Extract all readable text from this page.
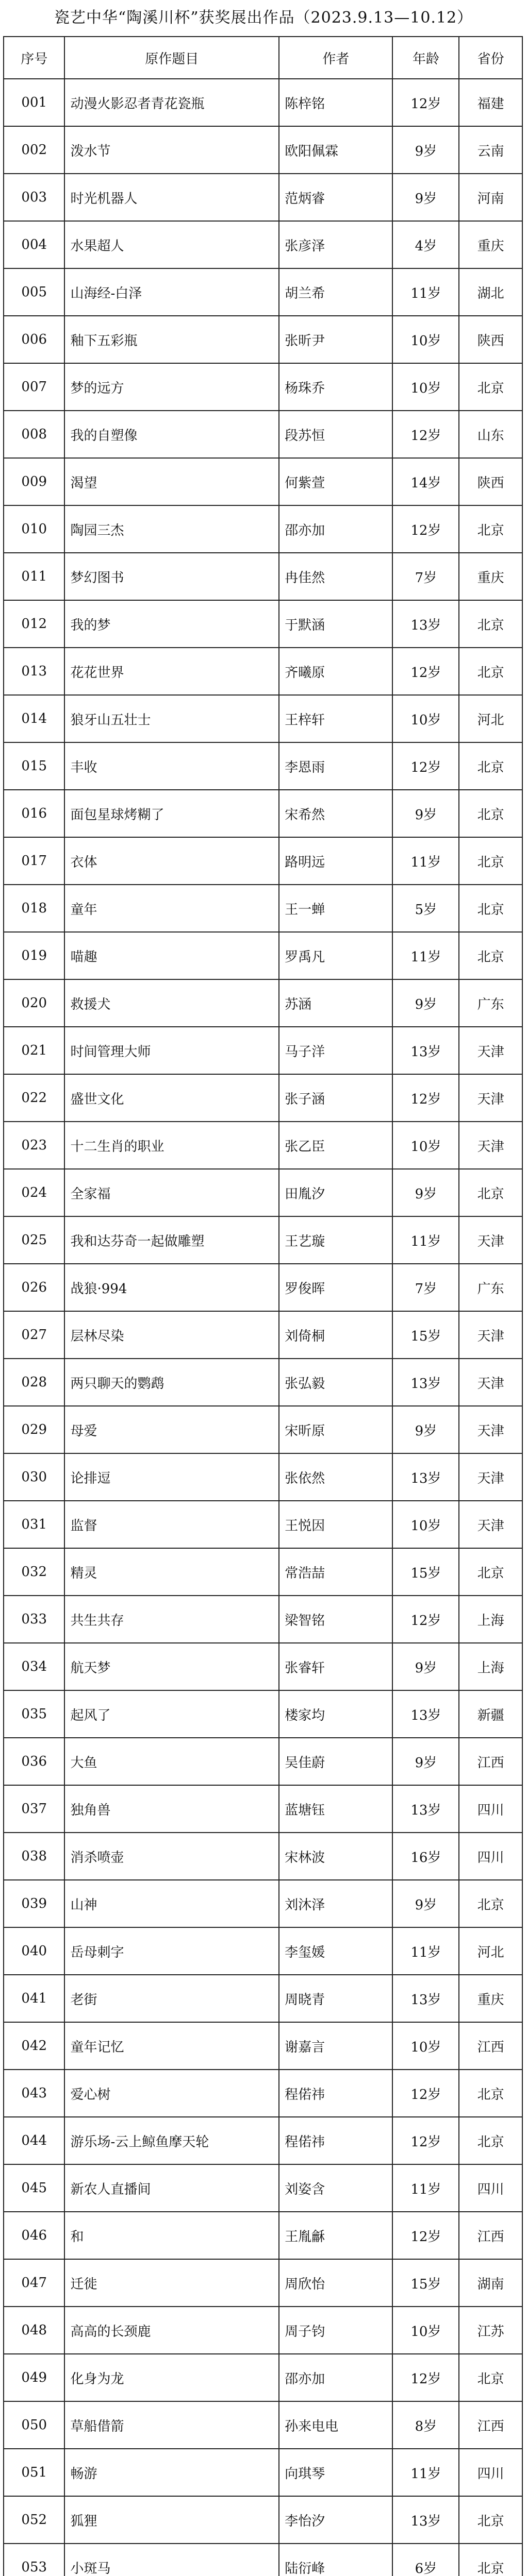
瓷艺中华“陶溪川杯”获奖展出作品（2023.9.13—10.12）
序号	原作题目	作者	年龄	省份
001	动漫火影忍者青花瓷瓶	陈梓铭	12岁	福建
002	泼水节	欧阳佩霖	9岁	云南
003	时光机器人	范炳睿	9岁	河南
004	水果超人	张彦泽	4岁	重庆
005	山海经-白泽	胡兰希	11岁	湖北
006	釉下五彩瓶	张昕尹	10岁	陕西
007	梦的远方	杨珠乔	10岁	北京
008	我的自塑像	段苏恒	12岁	山东
009	渴望	何紫萱	14岁	陕西
010	陶园三杰	邵亦加	12岁	北京
011	梦幻图书	冉佳然	7岁	重庆
012	我的梦	于默涵	13岁	北京
013	花花世界	齐曦原	12岁	北京
014	狼牙山五壮士	王梓轩	10岁	河北
015	丰收	李恩雨	12岁	北京
016	面包星球烤糊了	宋希然	9岁	北京
017	衣体	路明远	11岁	北京
018	童年	王一蝉	5岁	北京
019	喵趣	罗禹凡	11岁	北京
020	救援犬	苏涵	9岁	广东
021	时间管理大师	马子洋	13岁	天津
022	盛世文化	张子涵	12岁	天津
023	十二生肖的职业	张乙臣	10岁	天津
024	全家福	田胤汐	9岁	北京
025	我和达芬奇一起做雕塑	王艺璇	11岁	天津
026	战狼·994	罗俊晖	7岁	广东
027	层林尽染	刘倚桐	15岁	天津
028	两只聊天的鹦鹉	张弘毅	13岁	天津
029	母爱	宋昕原	9岁	天津
030	论排逗	张依然	13岁	天津
031	监督	王悦因	10岁	天津
032	精灵	常浩喆	15岁	北京
033	共生共存	梁智铭	12岁	上海
034	航天梦	张睿轩	9岁	上海
035	起风了	楼家均	13岁	新疆
036	大鱼	吴佳蔚	9岁	江西
037	独角兽	蓝塘钰	13岁	四川
038	消杀喷壶	宋林波	16岁	四川
039	山神	刘沐泽	9岁	北京
040	岳母刺字	李玺媛	11岁	河北
041	老街	周晓青	13岁	重庆
042	童年记忆	谢嘉言	10岁	江西
043	爱心树	程偌祎	12岁	北京
044	游乐场-云上鲸鱼摩天轮	程偌祎	12岁	北京
045	新农人直播间	刘姿含	11岁	四川
046	和	王胤龢	12岁	江西
047	迁徙	周欣怡	15岁	湖南
048	高高的长颈鹿	周子钧	10岁	江苏
049	化身为龙	邵亦加	12岁	北京
050	草船借箭	孙来电电	8岁	江西
051	畅游	向琪琴	11岁	四川
052	狐狸	李怡汐	13岁	北京
053	小斑马	陆衍峰	6岁	北京
